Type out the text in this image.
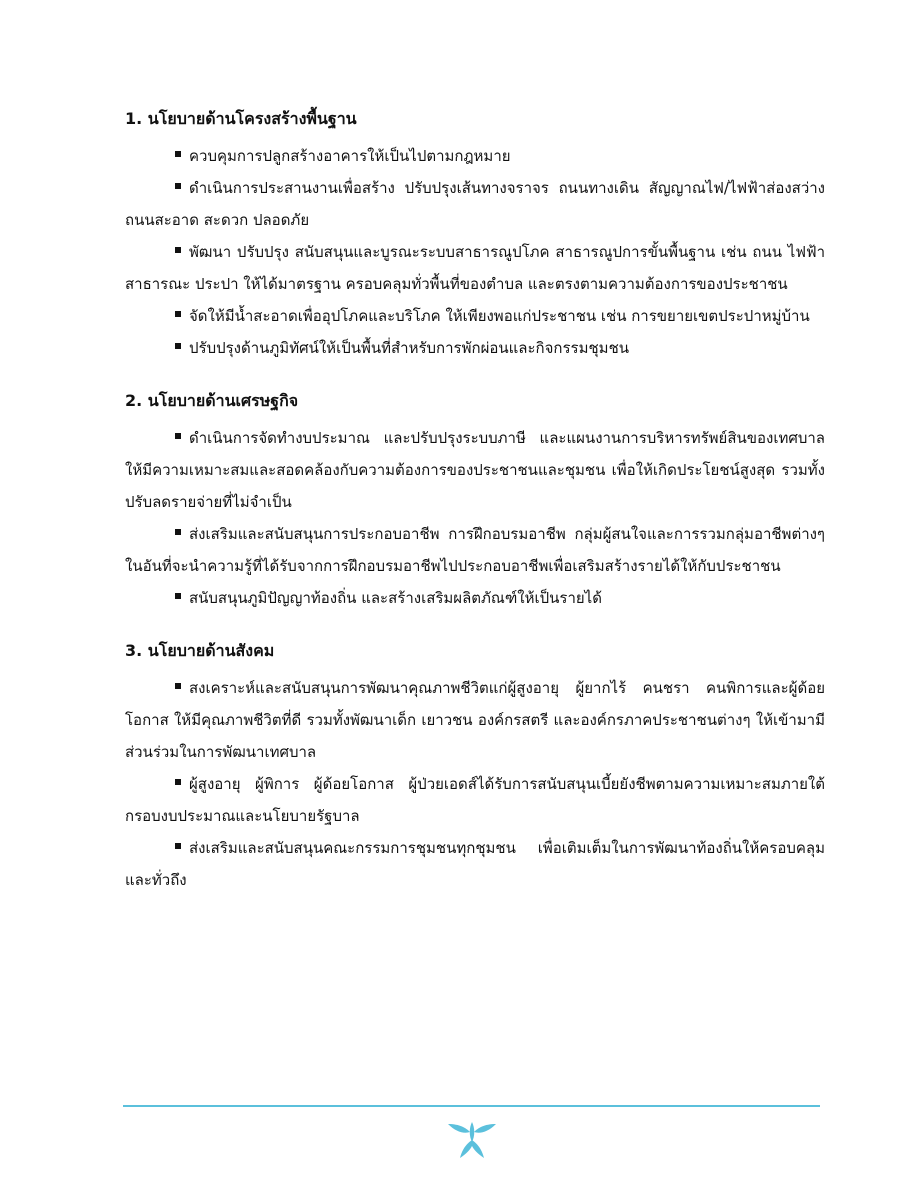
1. นโยบายด้านโครงสร้างพื้นฐาน

ควบคุมการปลูกสร้างอาคารให้เป็นไปตามกฎหมาย

ดำเนินการประสานงานเพื่อสร้าง ปรับปรุงเส้นทางจราจร ถนนทางเดิน สัญญาณไฟ/ไฟฟ้าส่องสว่าง ถนนสะอาด สะดวก ปลอดภัย

พัฒนา ปรับปรุง สนับสนุนและบูรณะระบบสาธารณูปโภค สาธารณูปการขั้นพื้นฐาน เช่น ถนน ไฟฟ้าสาธารณะ ประปา ให้ได้มาตรฐาน ครอบคลุมทั่วพื้นที่ของตำบล และตรงตามความต้องการของประชาชน

จัดให้มีน้ำสะอาดเพื่ออุปโภคและบริโภค ให้เพียงพอแก่ประชาชน เช่น การขยายเขตประปาหมู่บ้าน

ปรับปรุงด้านภูมิทัศน์ให้เป็นพื้นที่สำหรับการพักผ่อนและกิจกรรมชุมชน

2. นโยบายด้านเศรษฐกิจ

ดำเนินการจัดทำงบประมาณ และปรับปรุงระบบภาษี และแผนงานการบริหารทรัพย์สินของเทศบาล ให้มีความเหมาะสมและสอดคล้องกับความต้องการของประชาชนและชุมชน เพื่อให้เกิดประโยชน์สูงสุด รวมทั้งปรับลดรายจ่ายที่ไม่จำเป็น

ส่งเสริมและสนับสนุนการประกอบอาชีพ การฝึกอบรมอาชีพ กลุ่มผู้สนใจและการรวมกลุ่มอาชีพต่างๆ ในอันที่จะนำความรู้ที่ได้รับจากการฝึกอบรมอาชีพไปประกอบอาชีพเพื่อเสริมสร้างรายได้ให้กับประชาชน

สนับสนุนภูมิปัญญาท้องถิ่น และสร้างเสริมผลิตภัณฑ์ให้เป็นรายได้

3. นโยบายด้านสังคม

สงเคราะห์และสนับสนุนการพัฒนาคุณภาพชีวิตแก่ผู้สูงอายุ ผู้ยากไร้ คนชรา คนพิการและผู้ด้อยโอกาส ให้มีคุณภาพชีวิตที่ดี รวมทั้งพัฒนาเด็ก เยาวชน องค์กรสตรี และองค์กรภาคประชาชนต่างๆ ให้เข้ามามีส่วนร่วมในการพัฒนาเทศบาล

ผู้สูงอายุ ผู้พิการ ผู้ด้อยโอกาส ผู้ป่วยเอดส์ได้รับการสนับสนุนเบี้ยยังชีพตามความเหมาะสมภายใต้กรอบงบประมาณและนโยบายรัฐบาล

ส่งเสริมและสนับสนุนคณะกรรมการชุมชนทุกชุมชน เพื่อเติมเต็มในการพัฒนาท้องถิ่นให้ครอบคลุมและทั่วถึง
